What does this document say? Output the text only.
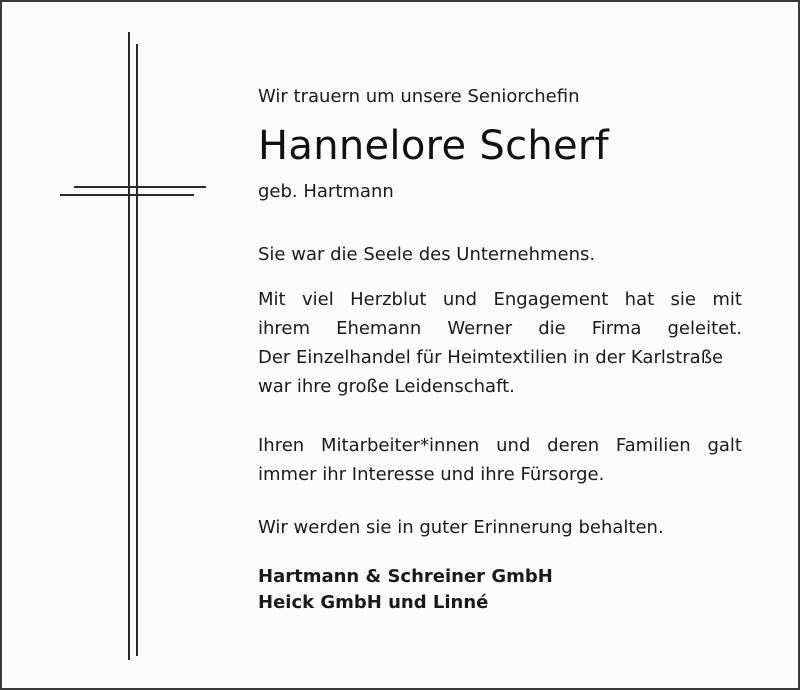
Wir trauern um unsere Seniorchefin
Hannelore Scherf
geb. Hartmann
Sie war die Seele des Unternehmens.
Mit viel Herzblut und Engagement hat sie mit
ihrem Ehemann Werner die Firma geleitet.
Der Einzelhandel für Heimtextilien in der Karlstraße
war ihre große Leidenschaft.
Ihren Mitarbeiter*innen und deren Familien galt
immer ihr Interesse und ihre Fürsorge.
Wir werden sie in guter Erinnerung behalten.
Hartmann & Schreiner GmbH
Heick GmbH und Linné
